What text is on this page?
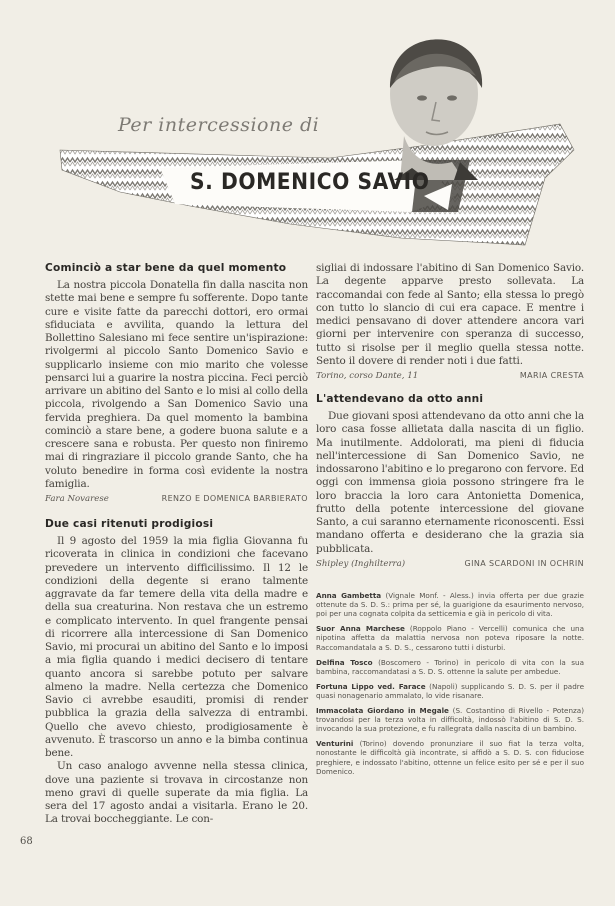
Per intercessione di
S. DOMENICO SAVIO
Cominciò a star bene da quel momento

La nostra piccola Donatella fin dalla nascita non stette mai bene e sempre fu sofferente. Dopo tante cure e visite fatte da parecchi dottori, ero ormai sfiduciata e avvilita, quando la lettura del Bollettino Salesiano mi fece sentire un'ispirazione: rivolgermi al piccolo Santo Domenico Savio e supplicarlo insieme con mio marito che volesse pensarci lui a guarire la nostra piccina. Feci perciò arrivare un abitino del Santo e lo misi al collo della piccola, rivolgendo a San Domenico Savio una fervida preghiera. Da quel momento la bambina cominciò a stare bene, a godere buona salute e a crescere sana e robusta. Per questo non finiremo mai di ringraziare il piccolo grande Santo, che ha voluto benedire in forma così evidente la nostra famiglia.

Fara Novarese	RENZO E DOMENICA BARBIERATO
Due casi ritenuti prodigiosi

Il 9 agosto del 1959 la mia figlia Giovanna fu ricoverata in clinica in condizioni che facevano prevedere un intervento difficilissimo. Il 12 le condizioni della degente si erano talmente aggravate da far temere della vita della madre e della sua creaturina. Non restava che un estremo e complicato intervento. In quel frangente pensai di ricorrere alla intercessione di San Domenico Savio, mi procurai un abitino del Santo e lo imposi a mia figlia quando i medici decisero di tentare quanto ancora si sarebbe potuto per salvare almeno la madre. Nella certezza che Domenico Savio ci avrebbe esauditi, promisi di render pubblica la grazia della salvezza di entrambi. Quello che avevo chiesto, prodigiosamente è avvenuto. È trascorso un anno e la bimba continua bene.

Un caso analogo avvenne nella stessa clinica, dove una paziente si trovava in circostanze non meno gravi di quelle superate da mia figlia. La sera del 17 agosto andai a visitarla. Erano le 20. La trovai boccheggiante. Le con-

sigliai di indossare l'abitino di San Domenico Savio. La degente apparve presto sollevata. La raccomandai con fede al Santo; ella stessa lo pregò con tutto lo slancio di cui era capace. E mentre i medici pensavano di dover attendere ancora vari giorni per intervenire con speranza di successo, tutto si risolse per il meglio quella stessa notte. Sento il dovere di render noti i due fatti.

Torino, corso Dante, 11	MARIA CRESTA
L'attendevano da otto anni

Due giovani sposi attendevano da otto anni che la loro casa fosse allietata dalla nascita di un figlio. Ma inutilmente. Addolorati, ma pieni di fiducia nell'intercessione di San Domenico Savio, ne indossarono l'abitino e lo pregarono con fervore. Ed oggi con immensa gioia possono stringere fra le loro braccia la loro cara Antonietta Domenica, frutto della potente intercessione del giovane Santo, a cui saranno eternamente riconoscenti. Essi mandano offerta e desiderano che la grazia sia pubblicata.

Shipley (Inghilterra)	GINA SCARDONI IN OCHRIN

Anna Gambetta (Vignale Monf. - Aless.) invia offerta per due grazie ottenute da S. D. S.: prima per sé, la guarigione da esaurimento nervoso, poi per una cognata colpita da setticemia e già in pericolo di vita.

Suor Anna Marchese (Roppolo Piano - Vercelli) comunica che una nipotina affetta da malattia nervosa non poteva riposare la notte. Raccomandatala a S. D. S., cessarono tutti i disturbi.

Delfina Tosco (Boscomero - Torino) in pericolo di vita con la sua bambina, raccomandatasi a S. D. S. ottenne la salute per ambedue.

Fortuna Lippo ved. Farace (Napoli) supplicando S. D. S. per il padre quasi nonagenario ammalato, lo vide risanare.

Immacolata Giordano in Megale (S. Costantino di Rivello - Potenza) trovandosi per la terza volta in difficoltà, indossò l'abitino di S. D. S. invocando la sua protezione, e fu rallegrata dalla nascita di un bambino.

Venturini (Torino) dovendo pronunziare il suo fiat la terza volta, nonostante le difficoltà già incontrate, si affidò a S. D. S. con fiduciose preghiere, e indossato l'abitino, ottenne un felice esito per sé e per il suo Domenico.

68
